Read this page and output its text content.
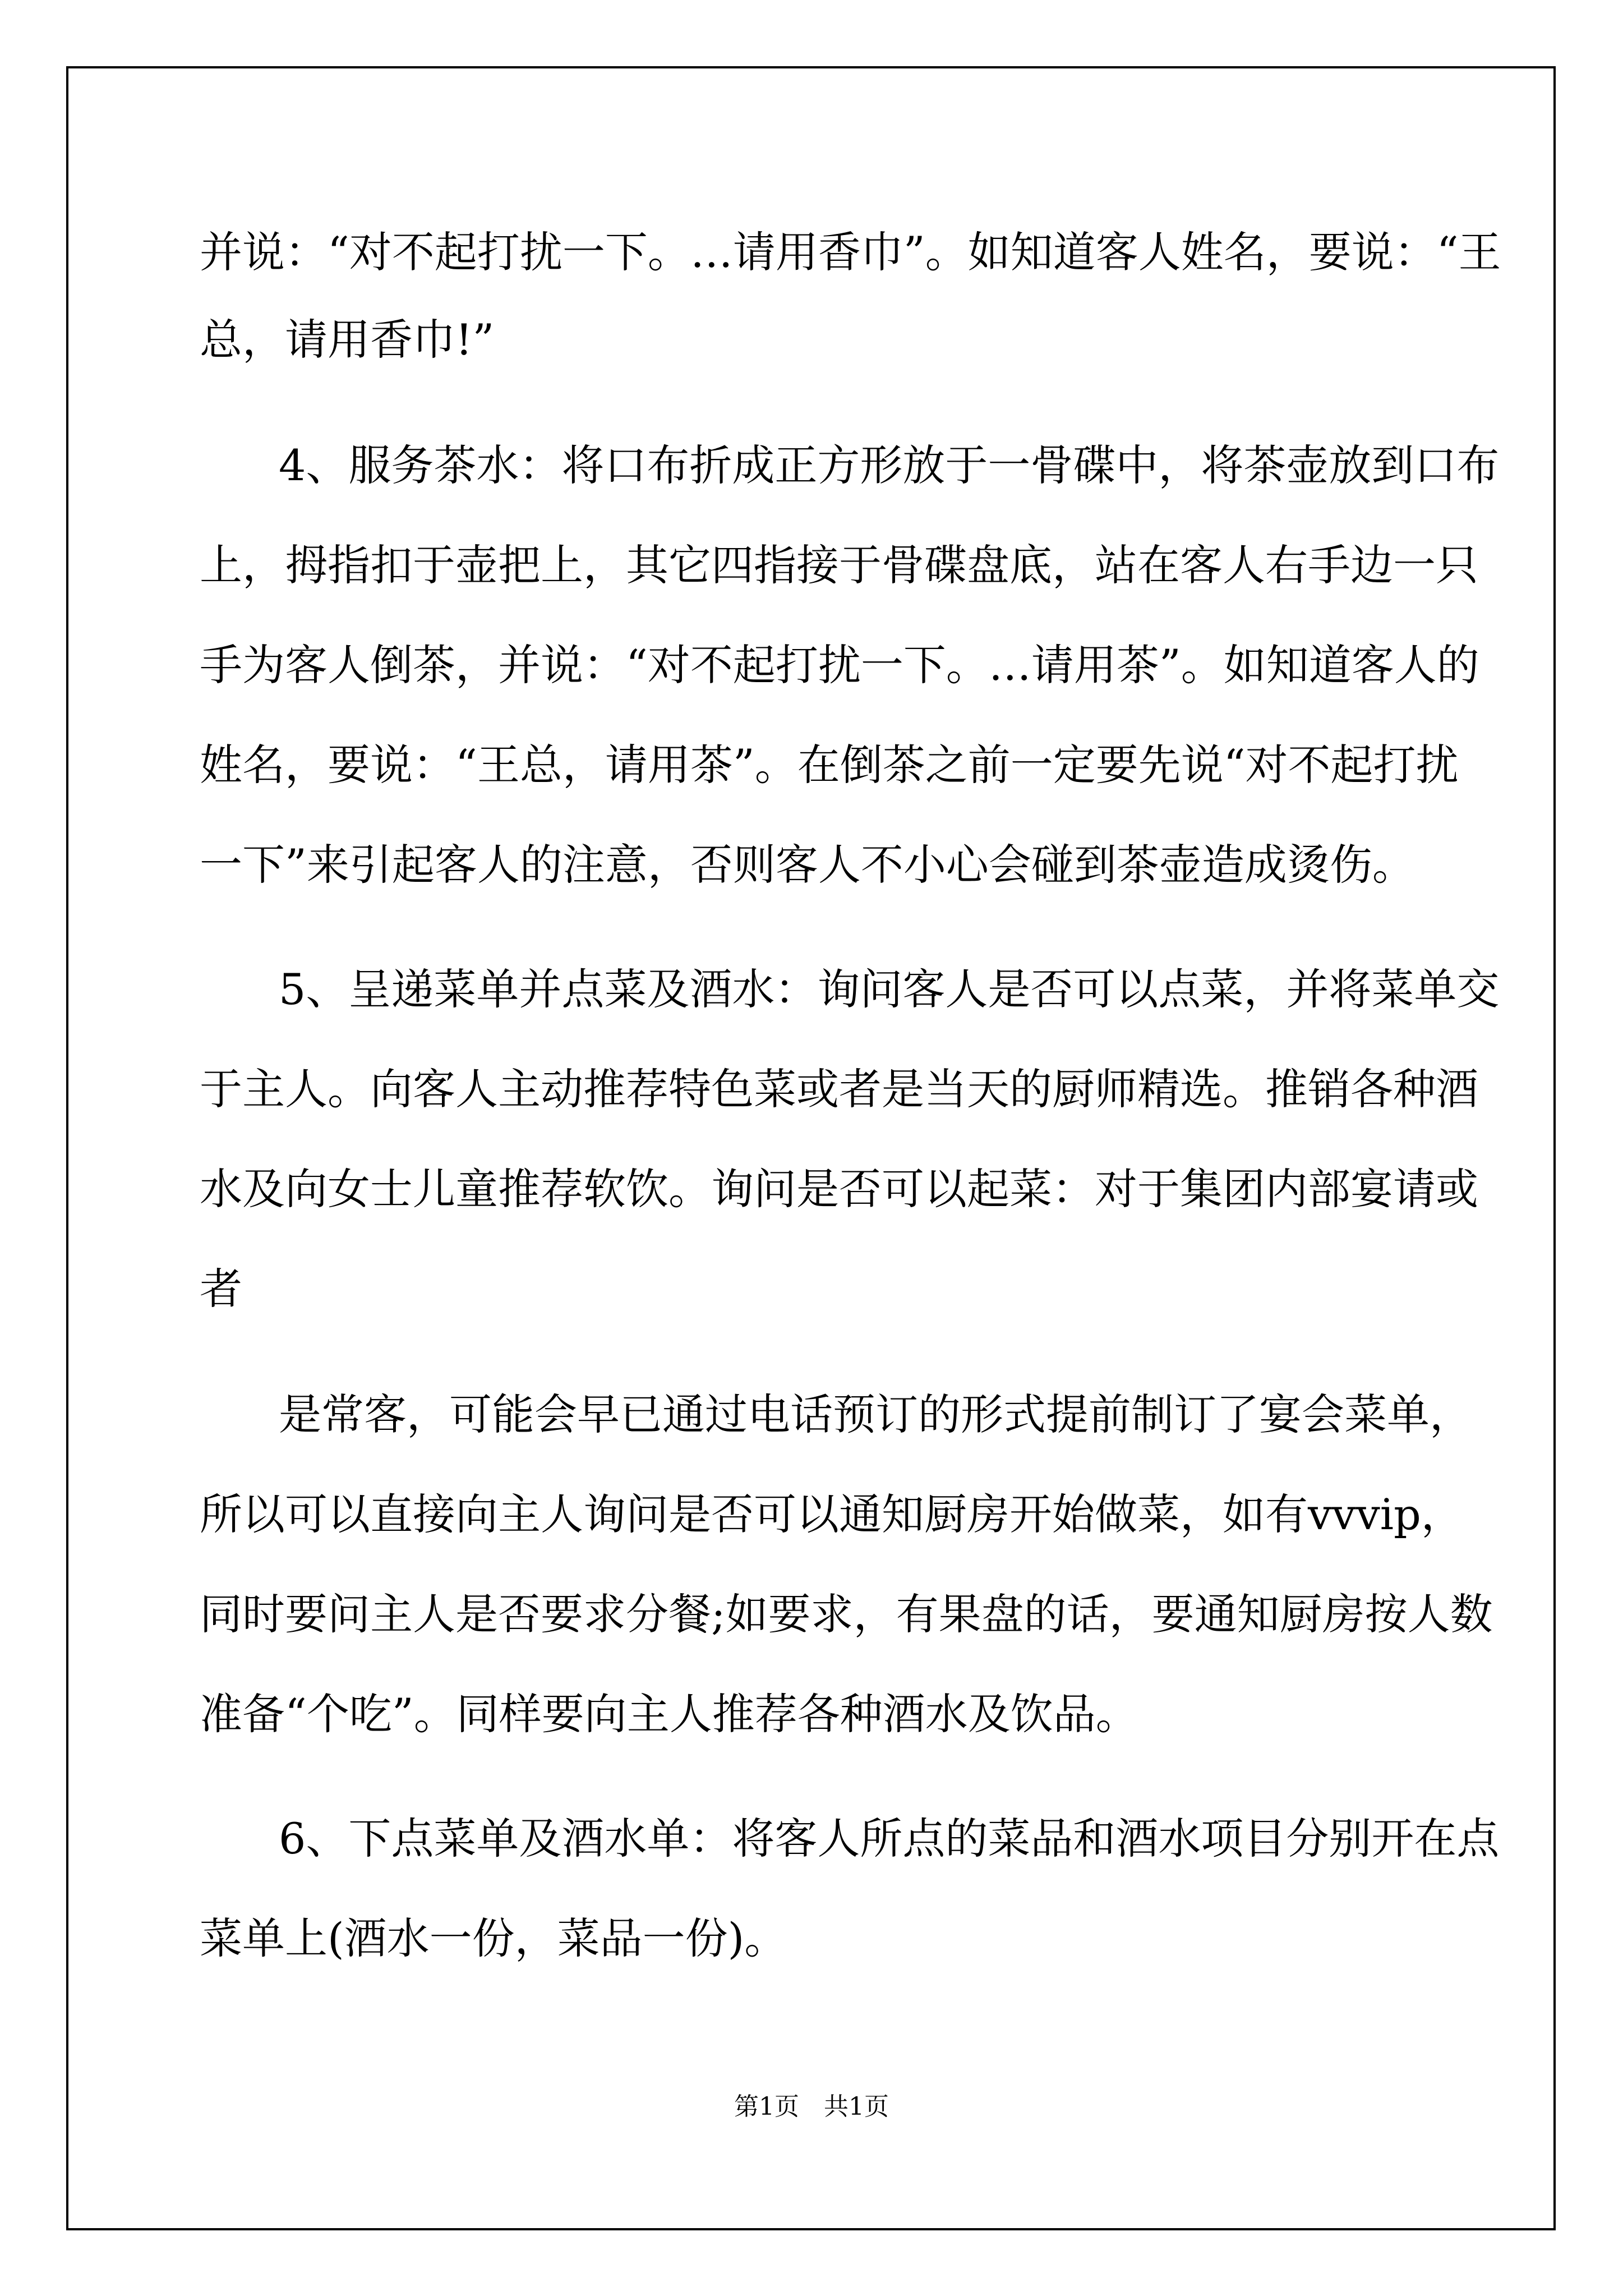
并说：“对不起打扰一下。…请用香巾”。如知道客人姓名，要说：“王
总，请用香巾!”
4、服务茶水：将口布折成正方形放于一骨碟中，将茶壶放到口布
上，拇指扣于壶把上，其它四指接于骨碟盘底，站在客人右手边一只
手为客人倒茶，并说：“对不起打扰一下。…请用茶”。如知道客人的
姓名，要说：“王总，请用茶”。在倒茶之前一定要先说“对不起打扰
一下”来引起客人的注意，否则客人不小心会碰到茶壶造成烫伤。
5、呈递菜单并点菜及酒水：询问客人是否可以点菜，并将菜单交
于主人。向客人主动推荐特色菜或者是当天的厨师精选。推销各种酒
水及向女士儿童推荐软饮。询问是否可以起菜：对于集团内部宴请或
者
是常客，可能会早已通过电话预订的形式提前制订了宴会菜单，
所以可以直接向主人询问是否可以通知厨房开始做菜，如有vvvip，
同时要问主人是否要求分餐;如要求，有果盘的话，要通知厨房按人数
准备“个吃”。同样要向主人推荐各种酒水及饮品。
6、下点菜单及酒水单：将客人所点的菜品和酒水项目分别开在点
菜单上(酒水一份，菜品一份)。
第1页　共1页
